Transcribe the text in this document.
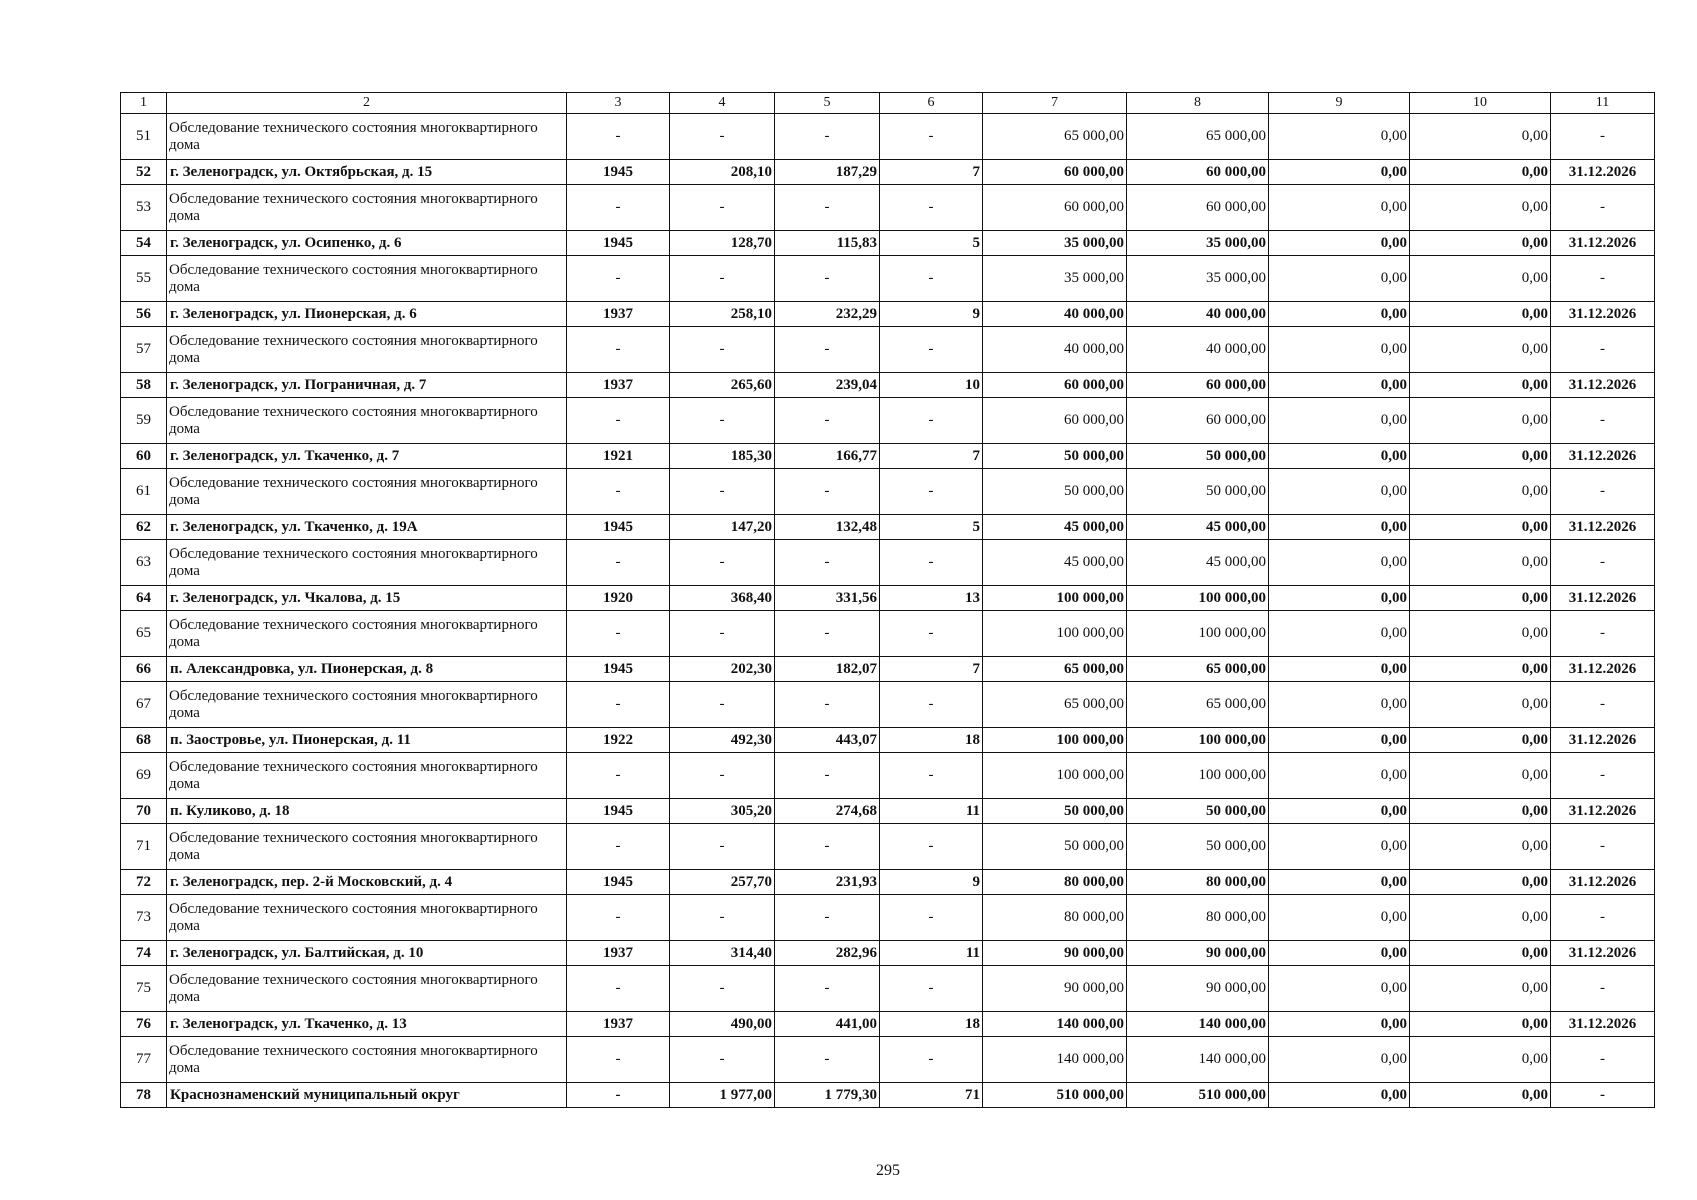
1	2	3	4	5	6	7	8	9	10	11
51	Обследование технического состояния многоквартирного дома	-	-	-	-	65 000,00	65 000,00	0,00	0,00	-
52	г. Зеленоградск, ул. Октябрьская, д. 15	1945	208,10	187,29	7	60 000,00	60 000,00	0,00	0,00	31.12.2026
53	Обследование технического состояния многоквартирного дома	-	-	-	-	60 000,00	60 000,00	0,00	0,00	-
54	г. Зеленоградск, ул. Осипенко, д. 6	1945	128,70	115,83	5	35 000,00	35 000,00	0,00	0,00	31.12.2026
55	Обследование технического состояния многоквартирного дома	-	-	-	-	35 000,00	35 000,00	0,00	0,00	-
56	г. Зеленоградск, ул. Пионерская, д. 6	1937	258,10	232,29	9	40 000,00	40 000,00	0,00	0,00	31.12.2026
57	Обследование технического состояния многоквартирного дома	-	-	-	-	40 000,00	40 000,00	0,00	0,00	-
58	г. Зеленоградск, ул. Пограничная, д. 7	1937	265,60	239,04	10	60 000,00	60 000,00	0,00	0,00	31.12.2026
59	Обследование технического состояния многоквартирного дома	-	-	-	-	60 000,00	60 000,00	0,00	0,00	-
60	г. Зеленоградск, ул. Ткаченко, д. 7	1921	185,30	166,77	7	50 000,00	50 000,00	0,00	0,00	31.12.2026
61	Обследование технического состояния многоквартирного дома	-	-	-	-	50 000,00	50 000,00	0,00	0,00	-
62	г. Зеленоградск, ул. Ткаченко, д. 19А	1945	147,20	132,48	5	45 000,00	45 000,00	0,00	0,00	31.12.2026
63	Обследование технического состояния многоквартирного дома	-	-	-	-	45 000,00	45 000,00	0,00	0,00	-
64	г. Зеленоградск, ул. Чкалова, д. 15	1920	368,40	331,56	13	100 000,00	100 000,00	0,00	0,00	31.12.2026
65	Обследование технического состояния многоквартирного дома	-	-	-	-	100 000,00	100 000,00	0,00	0,00	-
66	п. Александровка, ул. Пионерская, д. 8	1945	202,30	182,07	7	65 000,00	65 000,00	0,00	0,00	31.12.2026
67	Обследование технического состояния многоквартирного дома	-	-	-	-	65 000,00	65 000,00	0,00	0,00	-
68	п. Заостровье, ул. Пионерская, д. 11	1922	492,30	443,07	18	100 000,00	100 000,00	0,00	0,00	31.12.2026
69	Обследование технического состояния многоквартирного дома	-	-	-	-	100 000,00	100 000,00	0,00	0,00	-
70	п. Куликово, д. 18	1945	305,20	274,68	11	50 000,00	50 000,00	0,00	0,00	31.12.2026
71	Обследование технического состояния многоквартирного дома	-	-	-	-	50 000,00	50 000,00	0,00	0,00	-
72	г. Зеленоградск, пер. 2-й Московский, д. 4	1945	257,70	231,93	9	80 000,00	80 000,00	0,00	0,00	31.12.2026
73	Обследование технического состояния многоквартирного дома	-	-	-	-	80 000,00	80 000,00	0,00	0,00	-
74	г. Зеленоградск, ул. Балтийская, д. 10	1937	314,40	282,96	11	90 000,00	90 000,00	0,00	0,00	31.12.2026
75	Обследование технического состояния многоквартирного дома	-	-	-	-	90 000,00	90 000,00	0,00	0,00	-
76	г. Зеленоградск, ул. Ткаченко, д. 13	1937	490,00	441,00	18	140 000,00	140 000,00	0,00	0,00	31.12.2026
77	Обследование технического состояния многоквартирного дома	-	-	-	-	140 000,00	140 000,00	0,00	0,00	-
78	Краснознаменский муниципальный округ	-	1 977,00	1 779,30	71	510 000,00	510 000,00	0,00	0,00	-
295
